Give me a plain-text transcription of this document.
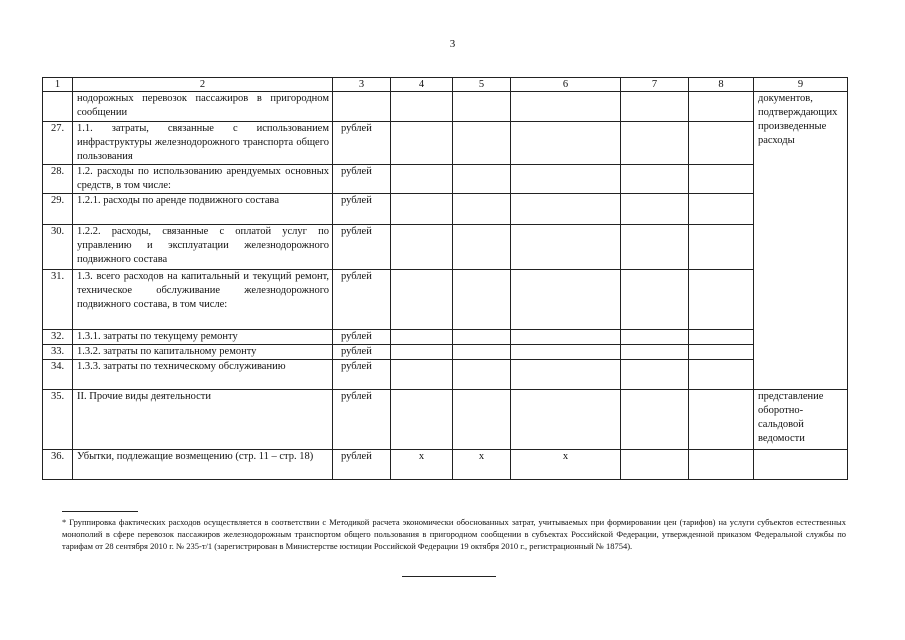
3
1	2	3	4	5	6	7	8	9
	нодорожных перевозок пассажиров в пригородном сообщении							документов, подтверждающих произведенные расходы
27.	1.1. затраты, связанные с использованием инфраструктуры железнодорожного транспорта общего пользования	рублей						
28.	1.2. расходы по использованию арендуемых основных средств, в том числе:	рублей						
29.	1.2.1. расходы по аренде подвижного состава	рублей						
30.	1.2.2. расходы, связанные с оплатой услуг по управлению и эксплуатации железнодорожного подвижного состава	рублей						
31.	1.3. всего расходов на капитальный и текущий ремонт, техническое обслуживание железнодорожного подвижного состава, в том числе:	рублей						
32.	1.3.1. затраты по текущему ремонту	рублей						
33.	1.3.2. затраты по капитальному ремонту	рублей						
34.	1.3.3. затраты по техническому обслуживанию	рублей						
35.	II. Прочие виды деятельности	рублей						представление оборотно-сальдовой ведомости
36.	Убытки, подлежащие возмещению (стр. 11 – стр. 18)	рублей	х	х	х			
* Группировка фактических расходов осуществляется в соответствии с Методикой расчета экономически обоснованных затрат, учитываемых при формировании цен (тарифов) на услуги субъектов естественных монополий в сфере перевозок пассажиров железнодорожным транспортом общего пользования в пригородном сообщении в субъектах Российской Федерации, утвержденной приказом Федеральной службы по тарифам от 28 сентября 2010 г. № 235-т/1 (зарегистрирован в Министерстве юстиции Российской Федерации 19 октября 2010 г., регистрационный № 18754).
